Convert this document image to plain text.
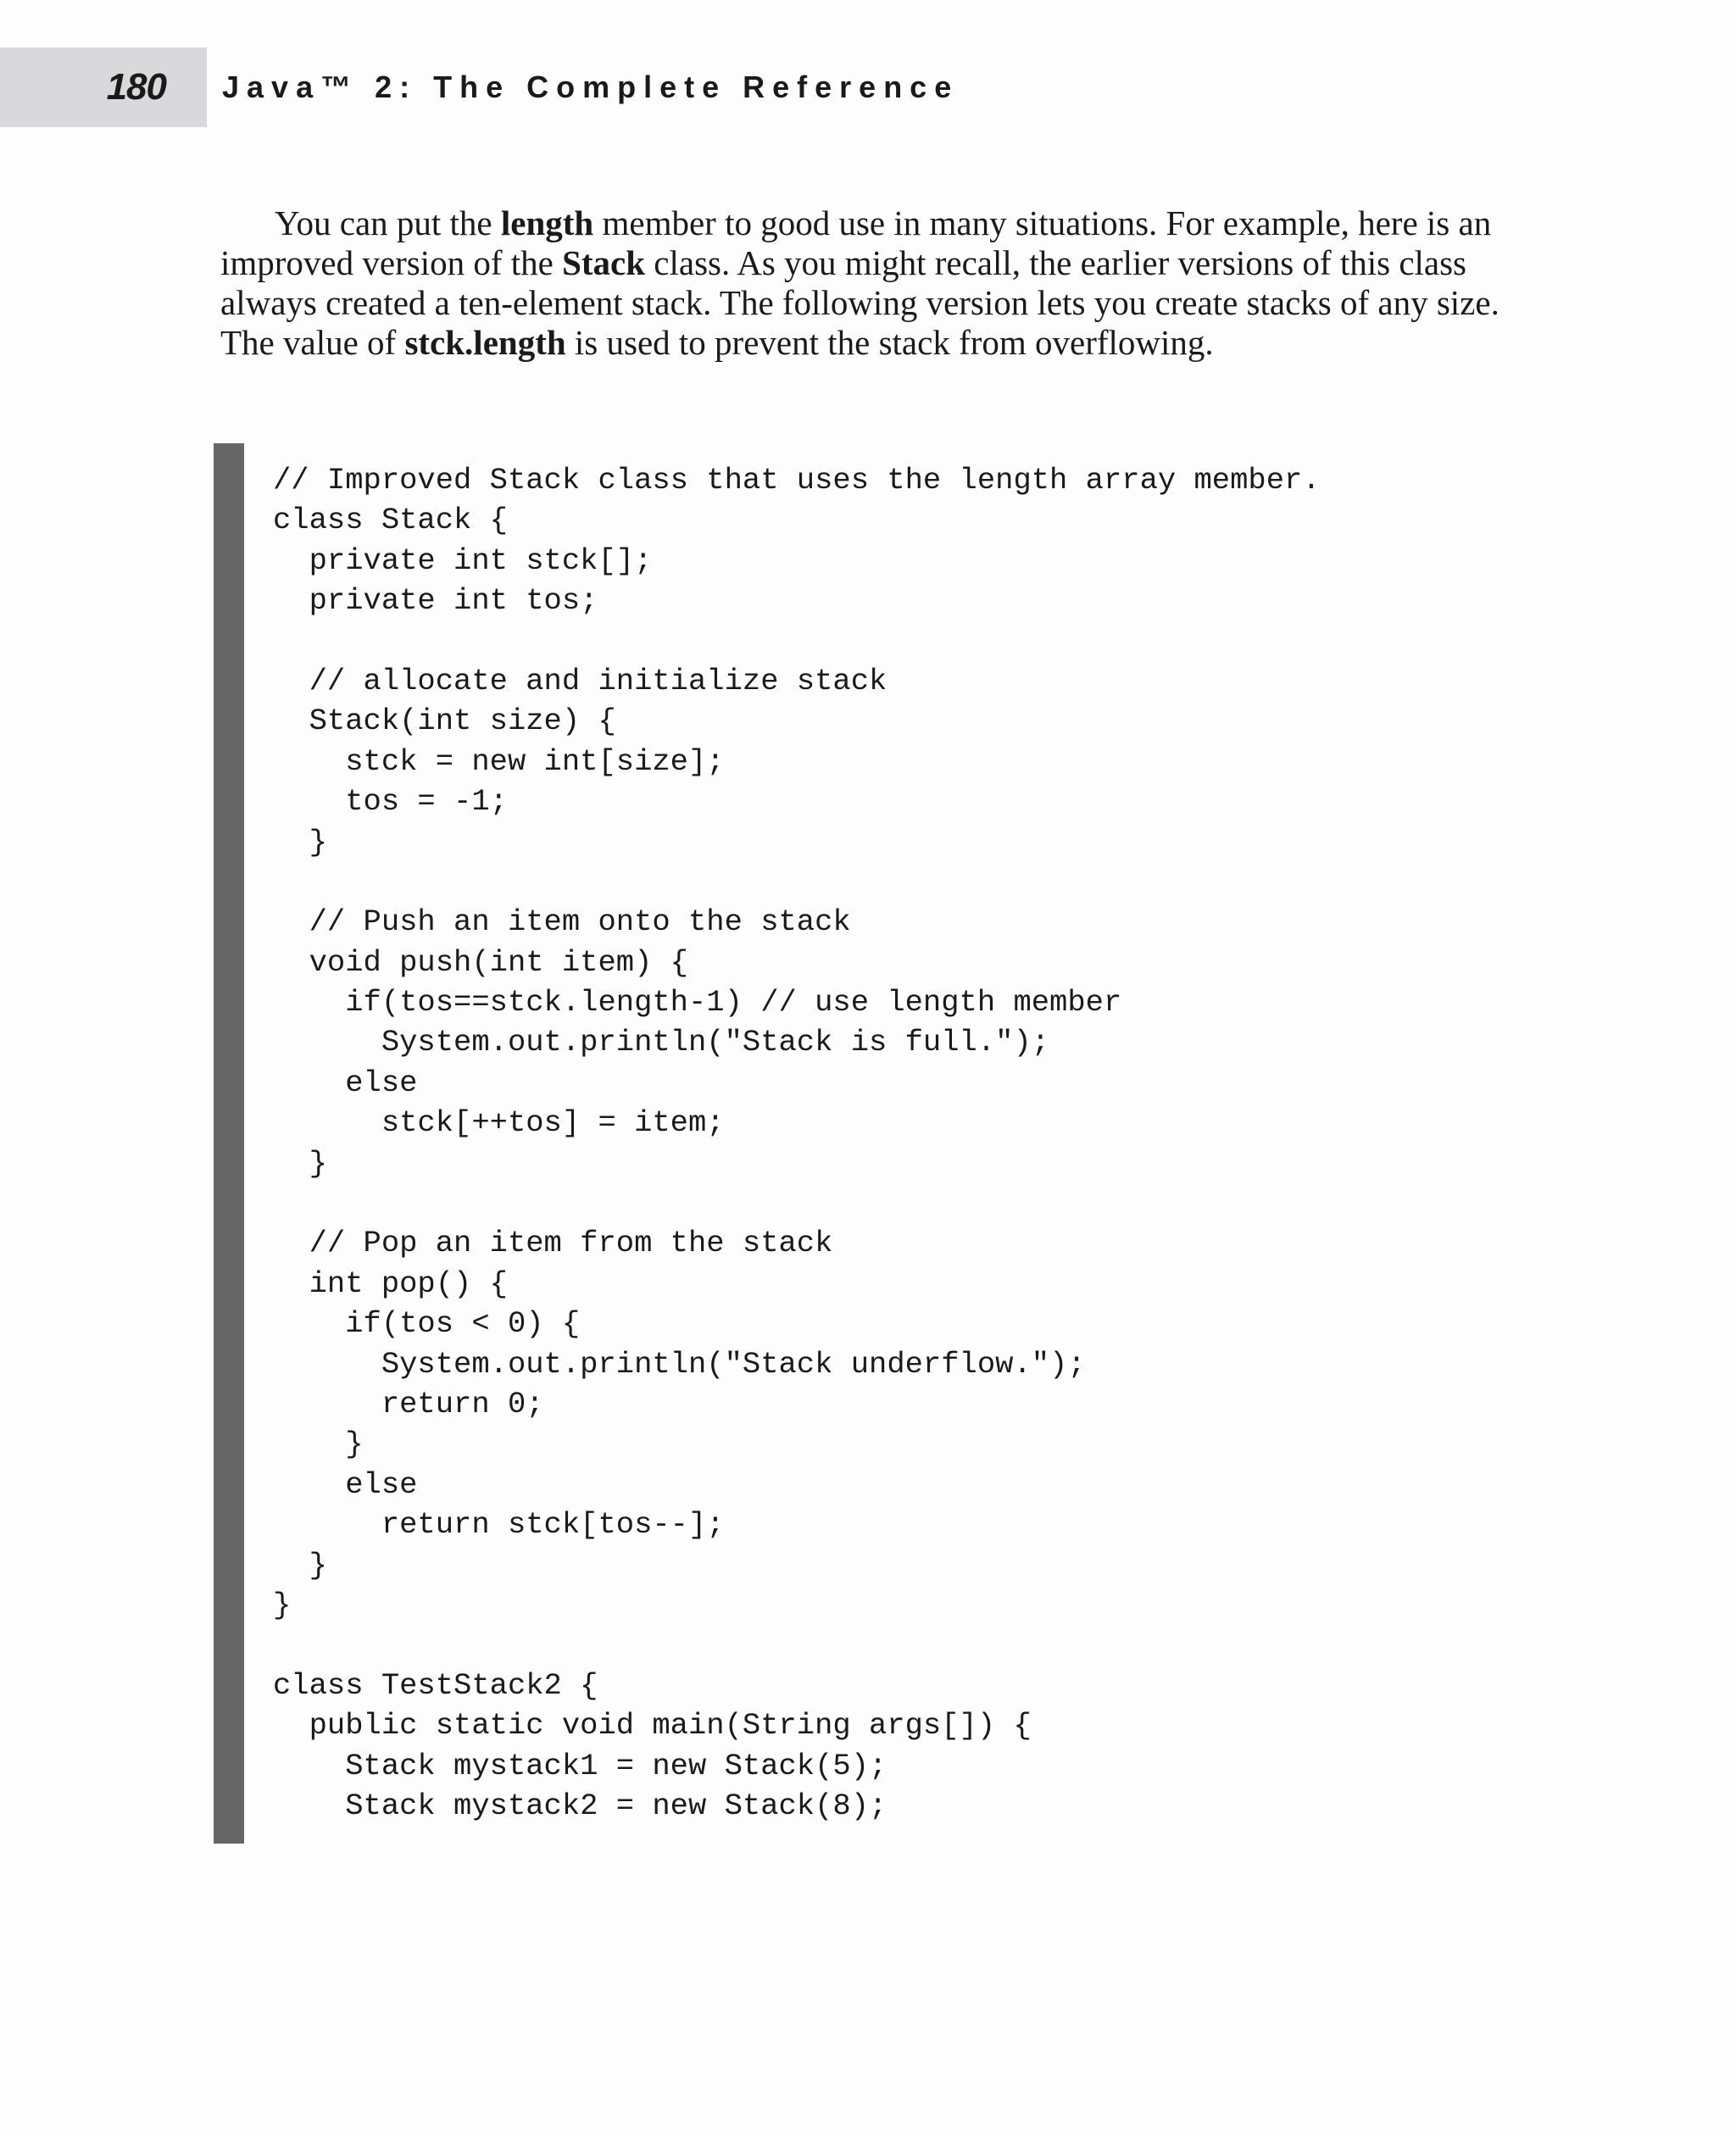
180 Java™ 2: The Complete Reference

You can put the length member to good use in many situations. For example, here is an improved version of the Stack class. As you might recall, the earlier versions of this class always created a ten-element stack. The following version lets you create stacks of any size. The value of stck.length is used to prevent the stack from overflowing.

// Improved Stack class that uses the length array member.
class Stack {
private int stck[];
private int tos;
// allocate and initialize stack
Stack(int size) {
stck = new int[size];
tos = -1;
}
// Push an item onto the stack
void push(int item) {
if(tos==stck.length-1) // use length member
System.out.println("Stack is full.");
else
stck[++tos] = item;
}
// Pop an item from the stack
int pop() {
if(tos < 0) {
System.out.println("Stack underflow.");
return 0;
}
else
return stck[tos--];
}
}
class TestStack2 {
public static void main(String args[]) {
Stack mystack1 = new Stack(5);
Stack mystack2 = new Stack(8);
